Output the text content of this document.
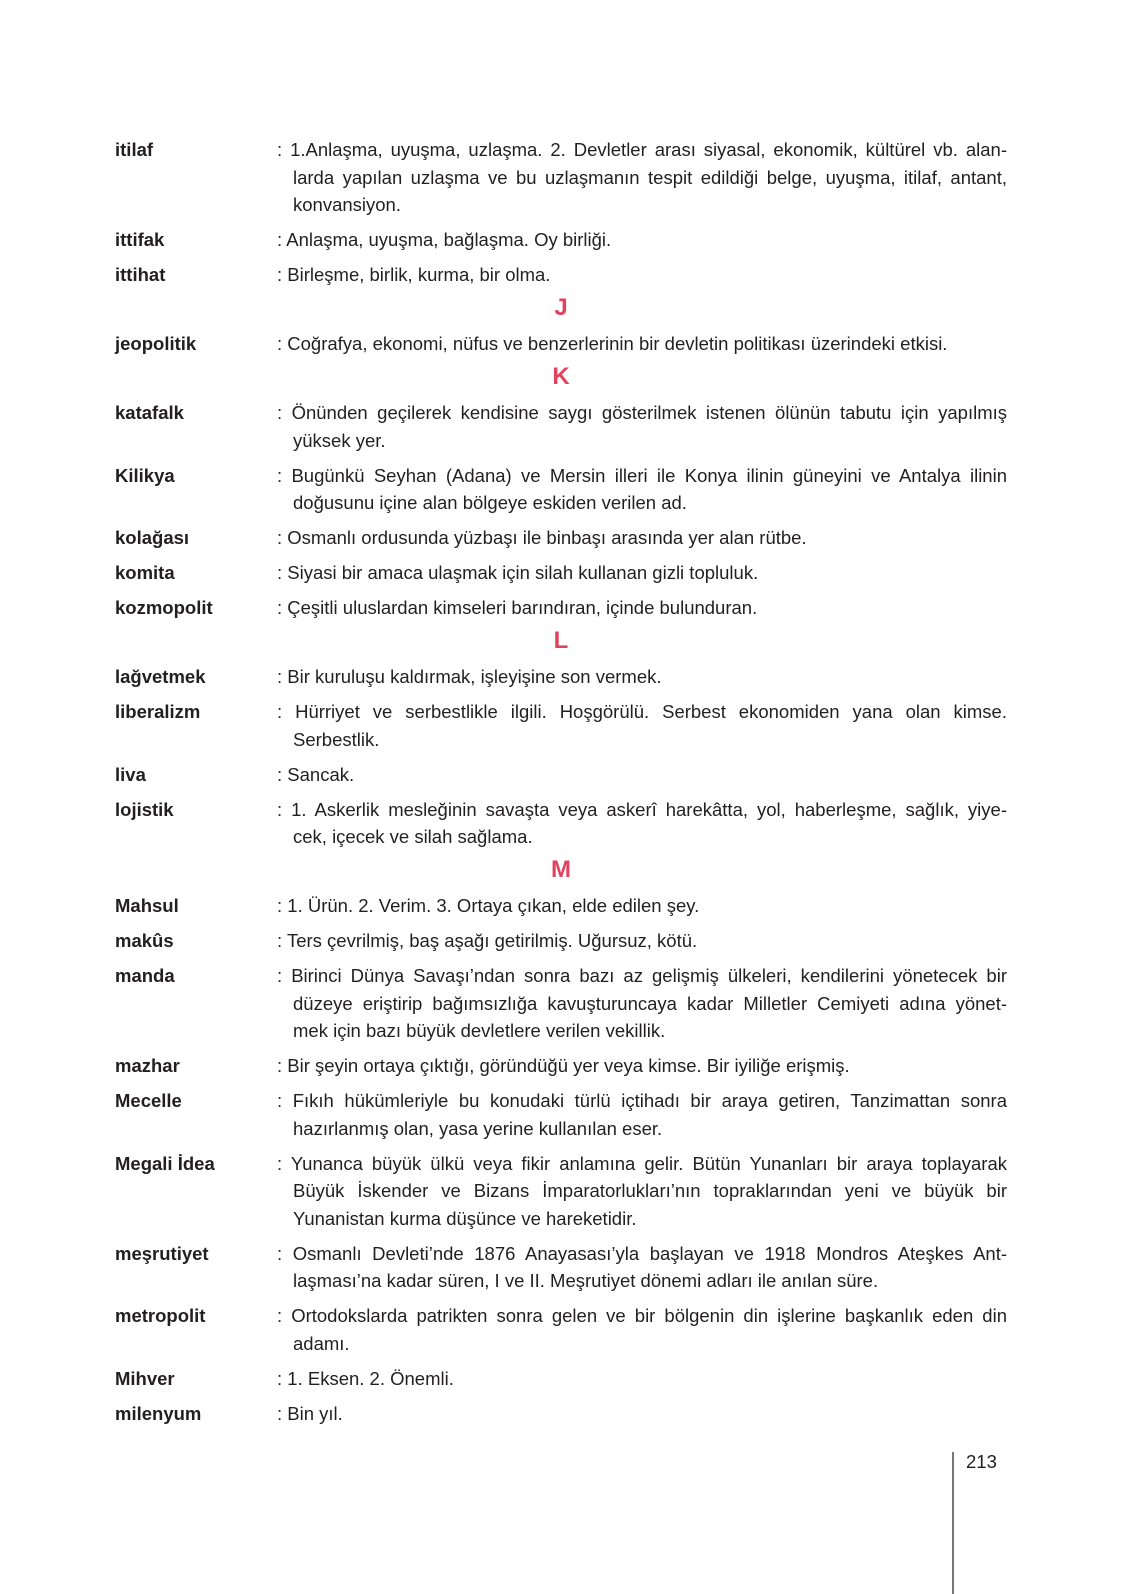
itilaf	: 1.Anlaşma, uyuşma, uzlaşma. 2. Devletler arası siyasal, ekonomik, kültürel vb. alan-
larda yapılan uzlaşma ve bu uzlaşmanın tespit edildiği belge, uyuşma, itilaf, antant,
konvansiyon.
ittifak	: Anlaşma, uyuşma, bağlaşma. Oy birliği.
ittihat	: Birleşme, birlik, kurma, bir olma.
J
jeopolitik	: Coğrafya, ekonomi, nüfus ve benzerlerinin bir devletin politikası üzerindeki etkisi.
K
katafalk	: Önünden geçilerek kendisine saygı gösterilmek istenen ölünün tabutu için yapılmış
yüksek yer.
Kilikya	: Bugünkü Seyhan (Adana) ve Mersin illeri ile Konya ilinin güneyini ve Antalya ilinin
doğusunu içine alan bölgeye eskiden verilen ad.
kolağası	: Osmanlı ordusunda yüzbaşı ile binbaşı arasında yer alan rütbe.
komita	: Siyasi bir amaca ulaşmak için silah kullanan gizli topluluk.
kozmopolit	: Çeşitli uluslardan kimseleri barındıran, içinde bulunduran.
L
lağvetmek	: Bir kuruluşu kaldırmak, işleyişine son vermek.
liberalizm	: Hürriyet ve serbestlikle ilgili. Hoşgörülü. Serbest ekonomiden yana olan kimse.
Serbestlik.
liva	: Sancak.
lojistik	: 1. Askerlik mesleğinin savaşta veya askerî harekâtta, yol, haberleşme, sağlık, yiye-
cek, içecek ve silah sağlama.
M
Mahsul	: 1. Ürün. 2. Verim. 3. Ortaya çıkan, elde edilen şey.
makûs	: Ters çevrilmiş, baş aşağı getirilmiş. Uğursuz, kötü.
manda	: Birinci Dünya Savaşı’ndan sonra bazı az gelişmiş ülkeleri, kendilerini yönetecek bir
düzeye eriştirip bağımsızlığa kavuşturuncaya kadar Milletler Cemiyeti adına yönet-
mek için bazı büyük devletlere verilen vekillik.
mazhar	: Bir şeyin ortaya çıktığı, göründüğü yer veya kimse. Bir iyiliğe erişmiş.
Mecelle	: Fıkıh hükümleriyle bu konudaki türlü içtihadı bir araya getiren, Tanzimattan sonra
hazırlanmış olan, yasa yerine kullanılan eser.
Megali İdea	: Yunanca büyük ülkü veya fikir anlamına gelir. Bütün Yunanları bir araya toplayarak
Büyük İskender ve Bizans İmparatorlukları’nın topraklarından yeni ve büyük bir
Yunanistan kurma düşünce ve hareketidir.
meşrutiyet	: Osmanlı Devleti’nde 1876 Anayasası’yla başlayan ve 1918 Mondros Ateşkes Ant-
laşması’na kadar süren, I ve II. Meşrutiyet dönemi adları ile anılan süre.
metropolit	: Ortodokslarda patrikten sonra gelen ve bir bölgenin din işlerine başkanlık eden din
adamı.
Mihver	: 1. Eksen. 2. Önemli.
milenyum	: Bin yıl.
213
